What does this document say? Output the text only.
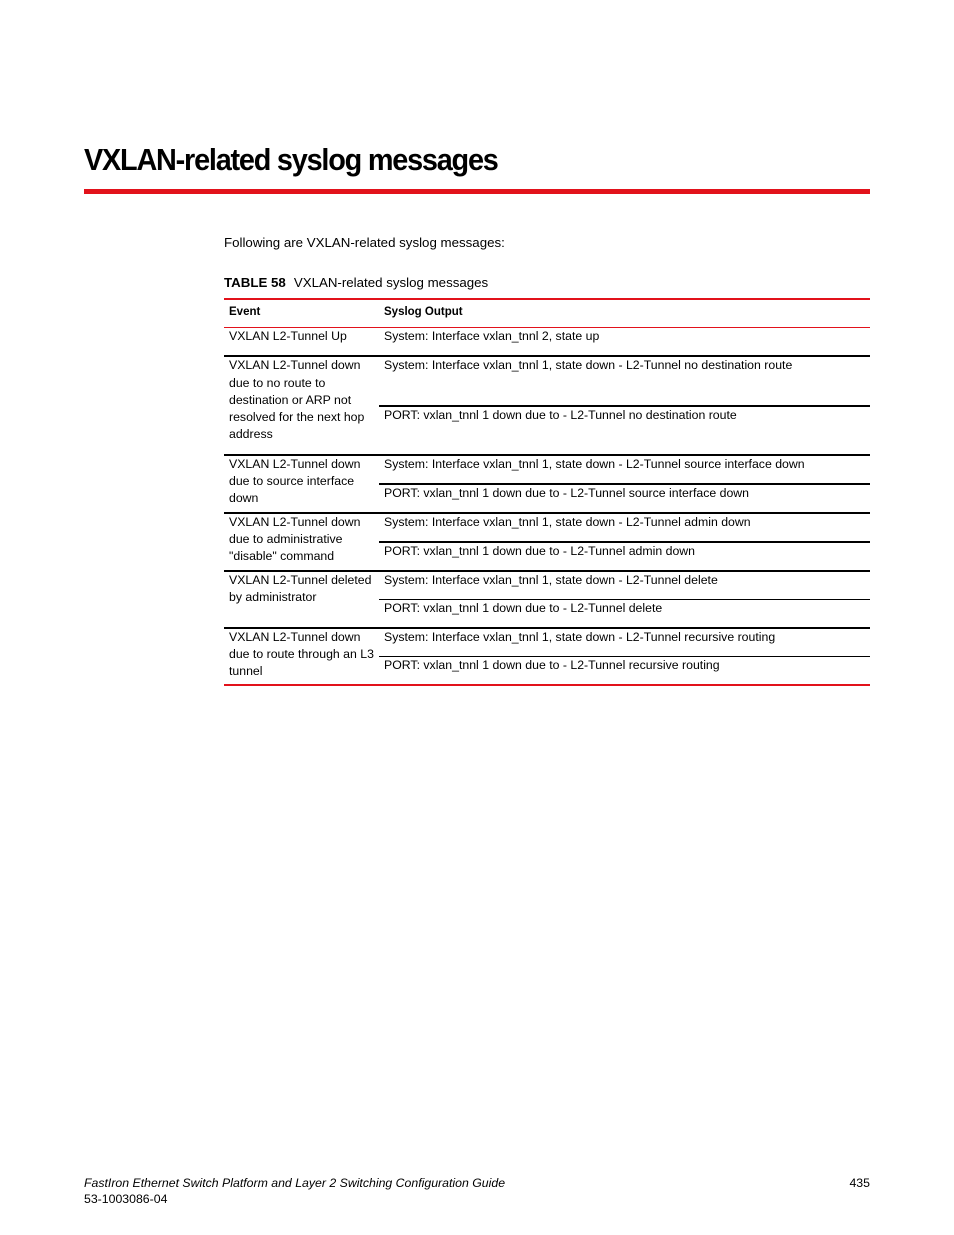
VXLAN-related syslog messages

Following are VXLAN-related syslog messages:

TABLE 58 VXLAN-related syslog messages
Event	Syslog Output
VXLAN L2-Tunnel Up	System: Interface vxlan_tnnl 2, state up
VXLAN L2-Tunnel down due to no route to destination or ARP not resolved for the next hop address	System: Interface vxlan_tnnl 1, state down - L2-Tunnel no destination route
	PORT: vxlan_tnnl 1 down due to - L2-Tunnel no destination route
VXLAN L2-Tunnel down due to source interface down	System: Interface vxlan_tnnl 1, state down - L2-Tunnel source interface down
	PORT: vxlan_tnnl 1 down due to - L2-Tunnel source interface down
VXLAN L2-Tunnel down due to administrative "disable" command	System: Interface vxlan_tnnl 1, state down - L2-Tunnel admin down
	PORT: vxlan_tnnl 1 down due to - L2-Tunnel admin down
VXLAN L2-Tunnel deleted by administrator	System: Interface vxlan_tnnl 1, state down - L2-Tunnel delete
	PORT: vxlan_tnnl 1 down due to - L2-Tunnel delete
VXLAN L2-Tunnel down due to route through an L3 tunnel	System: Interface vxlan_tnnl 1, state down - L2-Tunnel recursive routing
	PORT: vxlan_tnnl 1 down due to - L2-Tunnel recursive routing
FastIron Ethernet Switch Platform and Layer 2 Switching Configuration Guide
53-1003086-04
435
